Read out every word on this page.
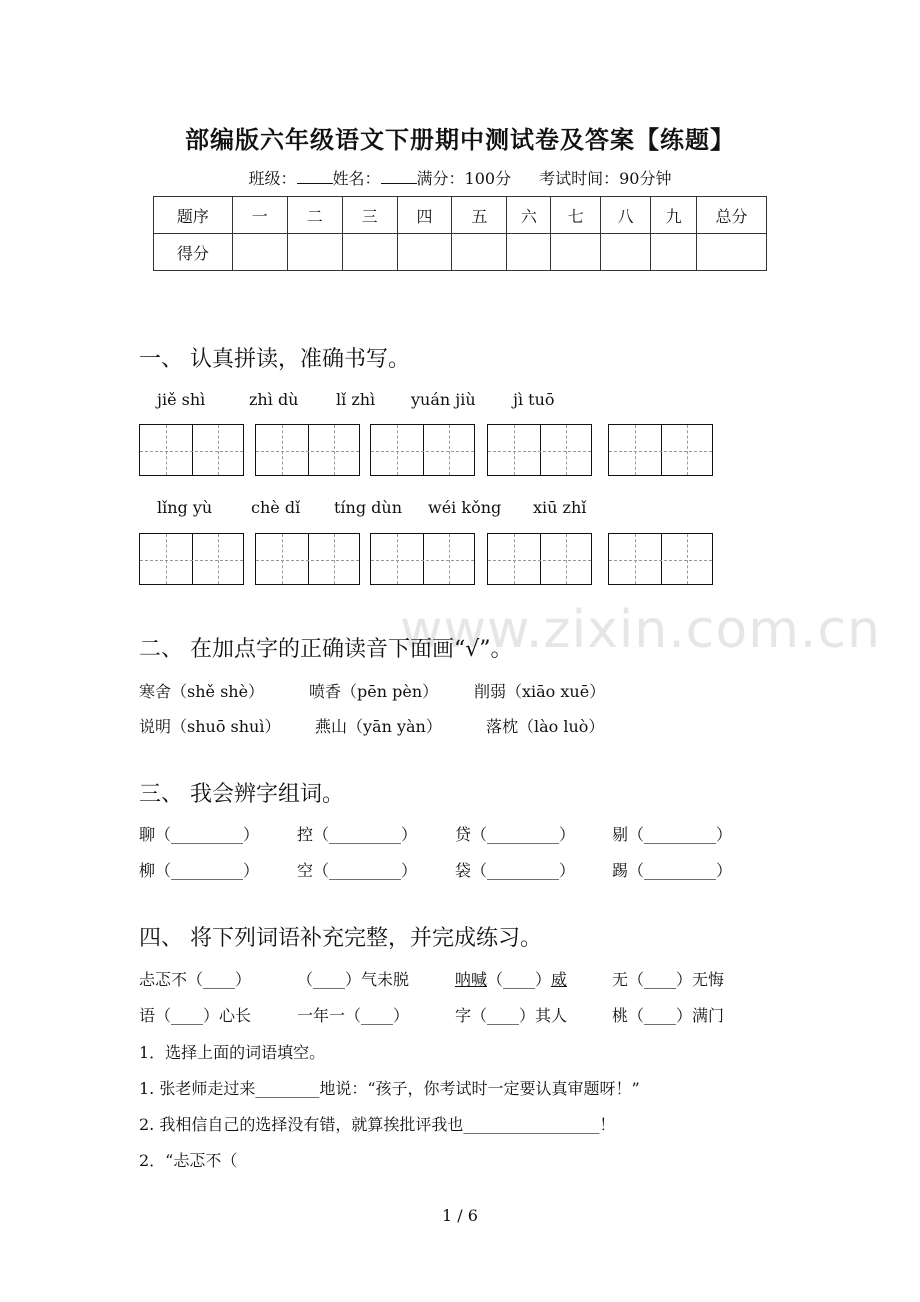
部编版六年级语文下册期中测试卷及答案【练题】
班级： 姓名： 满分：100分 考试时间：90分钟
题序	一	二	三	四	五	六	七	八	九	总分
得分										
一、 认真拼读，准确书写。
jiě shì	zhì dù lǐ zhì yuán jiù jì tuō
lǐng yù chè dǐ tíng dùn wéi kǒng xiū zhǐ
www.zixin.com.cn
二、 在加点字的正确读音下面画“√”。
寒舍（shě shè）	喷香（pēn pèn） 削弱（xiāo xuē）
说明（shuō shuì） 燕山（yān yàn）	落枕（lào luò）
三、 我会辨字组词。
聊（_________） 控（_________） 贷（_________） 剔（_________）
柳（_________） 空（_________） 袋（_________） 踢（_________）
四、 将下列词语补充完整，并完成练习。
忐忑不（____）	（____）气未脱	呐喊（____）威	无（____）无悔
语（____）心长	一年一（____）	字（____）其人	桃（____）满门
1．选择上面的词语填空。
1. 张老师走过来________地说：“孩子，你考试时一定要认真审题呀！”
2. 我相信自己的选择没有错，就算挨批评我也_________________！
2．“忐忑不（
1 / 6
